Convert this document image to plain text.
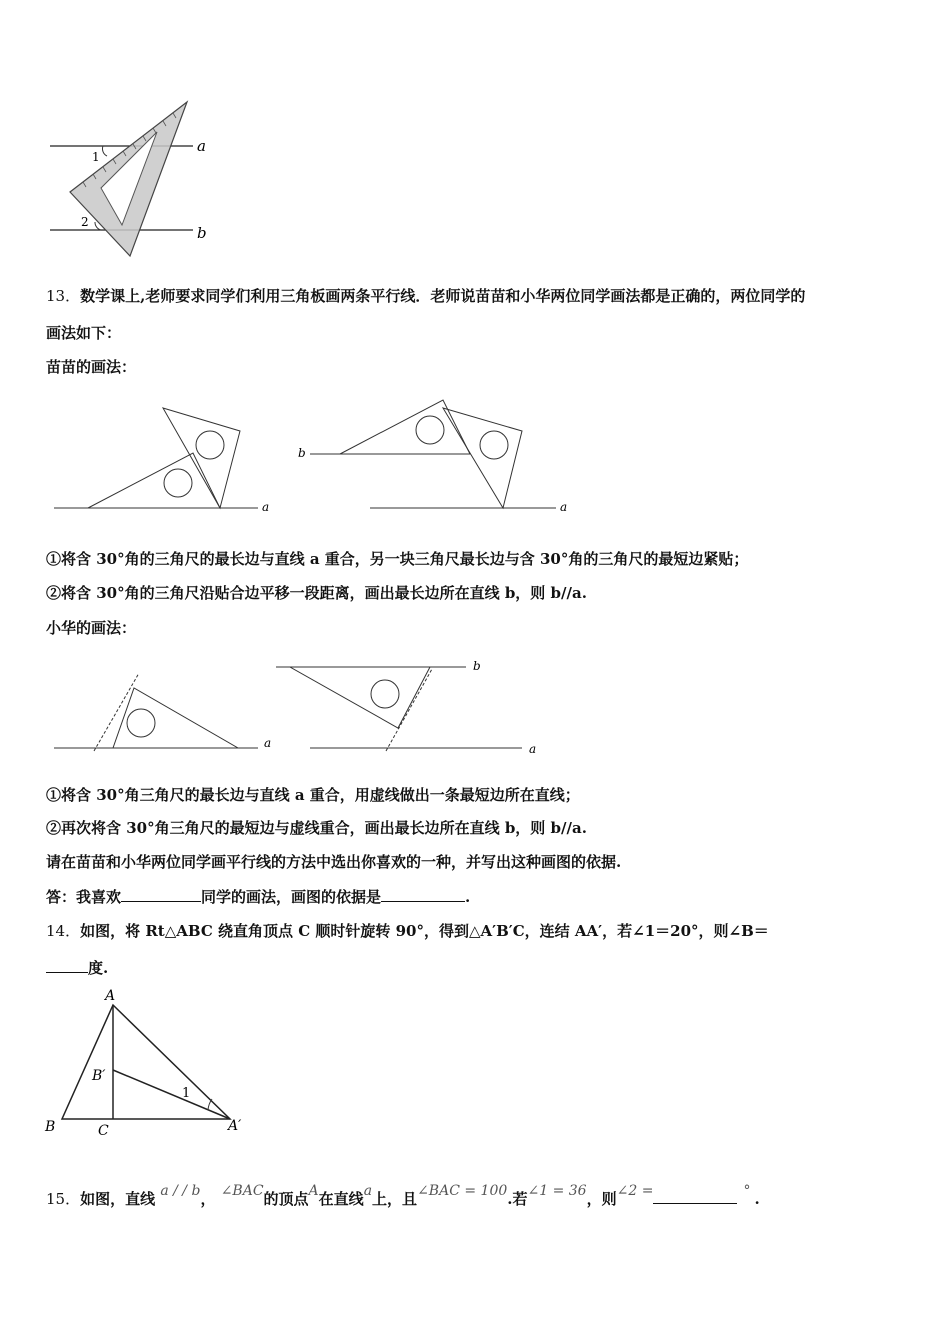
1
2
a
b
13．数学课上,老师要求同学们利用三角板画两条平行线．老师说苗苗和小华两位同学画法都是正确的，两位同学的
画法如下：
苗苗的画法：
a
b
a
①将含 30°角的三角尺的最长边与直线 a 重合，另一块三角尺最长边与含 30°角的三角尺的最短边紧贴；
②将含 30°角的三角尺沿贴合边平移一段距离，画出最长边所在直线 b，则 b//a.
小华的画法：
a
b
a
①将含 30°角三角尺的最长边与直线 a 重合，用虚线做出一条最短边所在直线；
②再次将含 30°角三角尺的最短边与虚线重合，画出最长边所在直线 b，则 b//a.
请在苗苗和小华两位同学画平行线的方法中选出你喜欢的一种，并写出这种画图的依据.
答：我喜欢	同学的画法，画图的依据是	.
14．如图，将 Rt△ABC 绕直角顶点 C 顺时针旋转 90°，得到△A′B′C，连结 AA′，若∠1＝20°，则∠B＝
度.
A
B′
1
B	C	A′
15．如图，直线 a / / b， ∠BAC的顶点A在直线a上，且∠BAC = 100.若∠1 = 36，则∠2 =	° .
